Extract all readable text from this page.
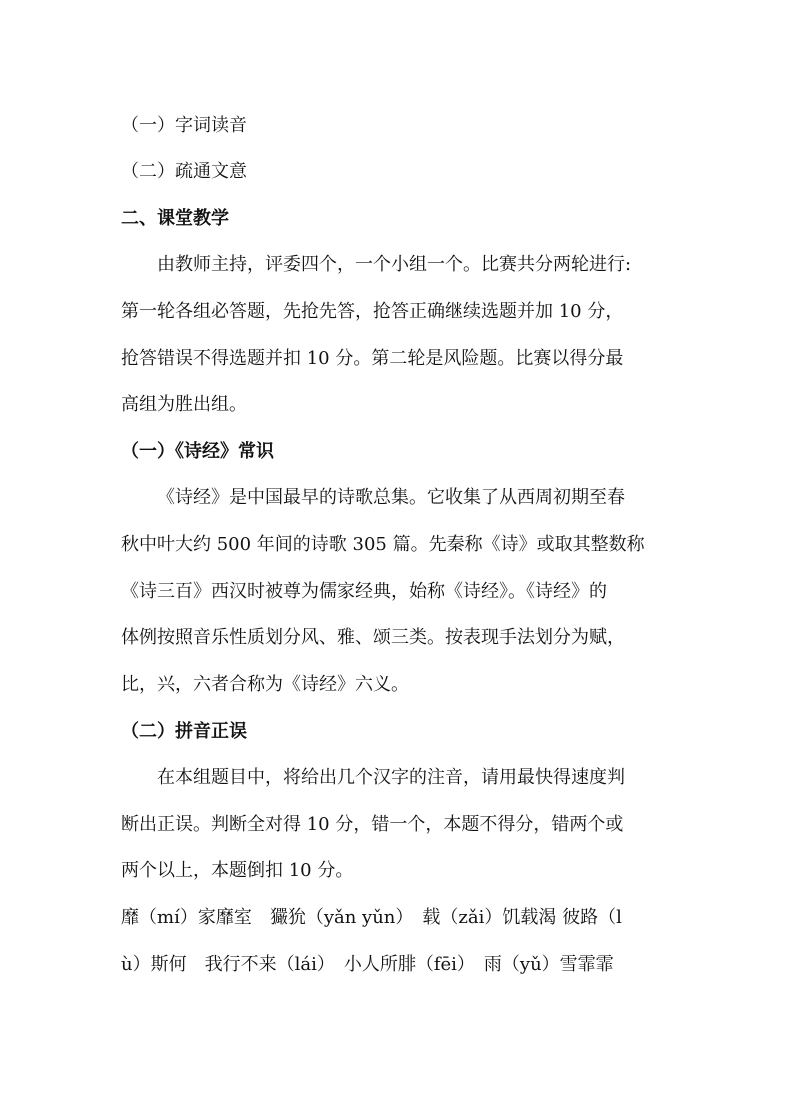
（一）字词读音
（二）疏通文意
二、课堂教学
由教师主持，评委四个，一个小组一个。比赛共分两轮进行:
第一轮各组必答题，先抢先答，抢答正确继续选题并加 10 分，
抢答错误不得选题并扣 10 分。第二轮是风险题。比赛以得分最
高组为胜出组。
（一）《诗经》常识
《诗经》是中国最早的诗歌总集。它收集了从西周初期至春
秋中叶大约 500 年间的诗歌 305 篇。先秦称《诗》或取其整数称
《诗三百》西汉时被尊为儒家经典，始称《诗经》。《诗经》的
体例按照音乐性质划分风、雅、颂三类。按表现手法划分为赋，
比，兴，六者合称为《诗经》六义。
（二）拼音正误
在本组题目中，将给出几个汉字的注音，请用最快得速度判
断出正误。判断全对得 10 分，错一个，本题不得分，错两个或
两个以上，本题倒扣 10 分。
靡（mí）家靡室　玁狁（yǎn yǔn）　载（zǎi）饥载渴 彼路（l
ù）斯何　我行不来（lái）　小人所腓（fēi）　雨（yǔ）雪霏霏
